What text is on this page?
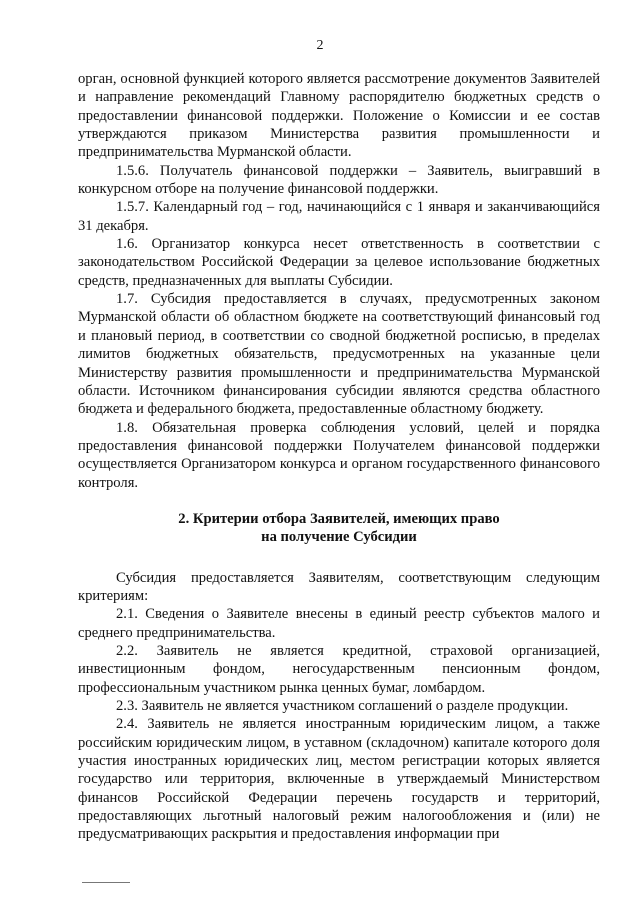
2

орган, основной функцией которого является рассмотрение документов Заявителей и направление рекомендаций Главному распорядителю бюджетных средств о предоставлении финансовой поддержки. Положение о Комиссии и ее состав утверждаются приказом Министерства развития промышленности и предпринимательства Мурманской области.

1.5.6. Получатель финансовой поддержки – Заявитель, выигравший в конкурсном отборе на получение финансовой поддержки.

1.5.7. Календарный год – год, начинающийся с 1 января и заканчивающийся 31 декабря.

1.6. Организатор конкурса несет ответственность в соответствии с законодательством Российской Федерации за целевое использование бюджетных средств, предназначенных для выплаты Субсидии.

1.7. Субсидия предоставляется в случаях, предусмотренных законом Мурманской области об областном бюджете на соответствующий финансовый год и плановый период, в соответствии со сводной бюджетной росписью, в пределах лимитов бюджетных обязательств, предусмотренных на указанные цели Министерству развития промышленности и предпринимательства Мурманской области. Источником финансирования субсидии являются средства областного бюджета и федерального бюджета, предоставленные областному бюджету.

1.8. Обязательная проверка соблюдения условий, целей и порядка предоставления финансовой поддержки Получателем финансовой поддержки осуществляется Организатором конкурса и органом государственного финансового контроля.

2. Критерии отбора Заявителей, имеющих право
на получение Субсидии

Субсидия предоставляется Заявителям, соответствующим следующим критериям:

2.1. Сведения о Заявителе внесены в единый реестр субъектов малого и среднего предпринимательства.

2.2. Заявитель не является кредитной, страховой организацией, инвестиционным фондом, негосударственным пенсионным фондом, профессиональным участником рынка ценных бумаг, ломбардом.

2.3. Заявитель не является участником соглашений о разделе продукции.

2.4. Заявитель не является иностранным юридическим лицом, а также российским юридическим лицом, в уставном (складочном) капитале которого доля участия иностранных юридических лиц, местом регистрации которых является государство или территория, включенные в утверждаемый Министерством финансов Российской Федерации перечень государств и территорий, предоставляющих льготный налоговый режим налогообложения и (или) не предусматривающих раскрытия и предоставления информации при
